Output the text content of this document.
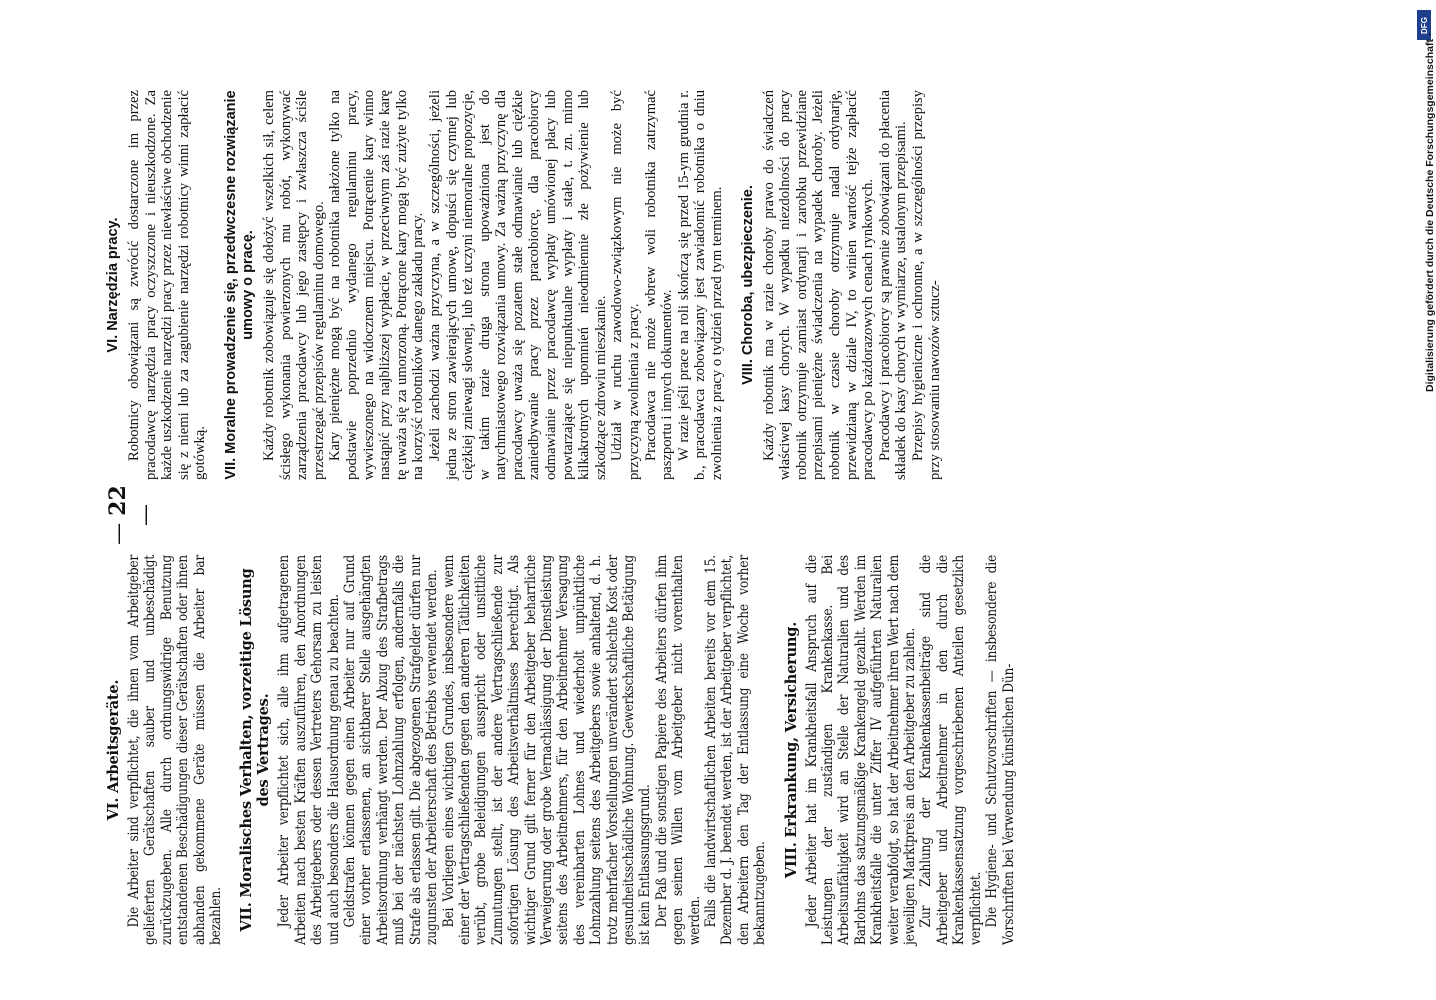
VI. Arbeitsgeräte. Die Arbeiter sind verpflichtet, die ihnen vom Arbeitgeber gelieferten Gerätschaften sauber und unbeschädigt zurückzugeben. Alle durch ordnungswidrige Benutzung entstandenen Beschädigungen dieser Gerätschaften oder ihnen abhanden gekommene Geräte müssen die Arbeiter bar bezahlen. VII. Moralisches Verhalten, vorzeitige Lösung des Vertrages. Jeder Arbeiter verpflichtet sich, alle ihm aufgetragenen Arbeiten nach besten Kräften auszuführen, den Anordnungen des Arbeitgebers oder dessen Vertreters Gehorsam zu leisten und auch besonders die Hausordnung genau zu beachten. Geldstrafen können gegen einen Arbeiter nur auf Grund einer vorher erlassenen, an sichtbarer Stelle ausgehängten Arbeitsordnung verhängt werden. Der Abzug des Strafbetrags muß bei der nächsten Lohnzahlung erfolgen, andernfalls die Strafe als erlassen gilt. Die abgezogenen Strafgelder dürfen nur zugunsten der Arbeiterschaft des Betriebs verwendet werden. Bei Vorliegen eines wichtigen Grundes, insbesondere wenn einer der Vertragschließenden gegen den anderen Tätlichkeiten verübt, grobe Beleidigungen ausspricht oder unsittliche Zumutungen stellt, ist der andere Vertragschließende zur sofortigen Lösung des Arbeitsverhältnisses berechtigt. Als wichtiger Grund gilt ferner für den Arbeitgeber beharrliche Verweigerung oder grobe Vernachlässigung der Dienstleistung seitens des Arbeitnehmers, für den Arbeitnehmer Versagung des vereinbarten Lohnes und wiederholt unpünktliche Lohnzahlung seitens des Arbeitgebers sowie anhaltend, d. h. trotz mehrfacher Vorstellungen unverändert schlechte Kost oder gesundheitsschädliche Wohnung. Gewerkschaftliche Betätigung ist kein Entlassungsgrund. Der Paß und die sonstigen Papiere des Arbeiters dürfen ihm gegen seinen Willen vom Arbeitgeber nicht vorenthalten werden. Falls die landwirtschaftlichen Arbeiten bereits vor dem 15. Dezember d. J. beendet werden, ist der Arbeitgeber verpflichtet, den Arbeitern den Tag der Entlassung eine Woche vorher bekanntzugeben.

VIII. Erkrankung, Versicherung. Jeder Arbeiter hat im Krankheitsfall Anspruch auf die Leistungen der zuständigen Krankenkasse. Bei Arbeitsunfähigkeit wird an Stelle der Naturalien und des Barlohns das satzungsmäßige Krankengeld gezahlt. Werden im Krankheitsfalle die unter Ziffer IV aufgeführten Naturalien weiter verabfolgt, so hat der Arbeitnehmer ihren Wert nach dem jeweiligen Marktpreis an den Arbeitgeber zu zahlen. Zur Zahlung der Krankenkassenbeiträge sind die Arbeitgeber und Arbeitnehmer in den durch die Krankenkassensatzung vorgeschriebenen Anteilen gesetzlich verpflichtet. Die Hygiene- und Schutzvorschriften — insbesondere die Vorschriften bei Verwendung künstlichen Dün-

— 22 —
VI. Narzędzia pracy. Robotnicy obowiązani są zwrócić dostarczone im przez pracodawcę narzędzia pracy oczyszczone i nieuszkodzone. Za każde uszkodzenie narzędzi pracy przez niewłaściwe obchodzenie się z niemi lub za zagubienie narzędzi robotnicy winni zapłacić gotówką. VII. Moralne prowadzenie się, przedwczesne rozwiązanie umowy o pracę. Każdy robotnik zobowiązuje się dołożyć wszelkich sił, celem ścisłego wykonania powierzonych mu robót, wykonywać zarządzenia pracodawcy lub jego zastępcy i zwłaszcza ściśle przestrzegać przepisów regulaminu domowego. Kary pieniężne mogą być na robotnika nałożone tylko na podstawie poprzednio wydanego regulaminu pracy, wywieszonego na widocznem miejscu. Potrącenie kary winno nastąpić przy najbliższej wypłacie, w przeciwnym zaś razie karę tę uważa się za umorzoną. Potrącone kary mogą być zużyte tylko na korzyść robotników danego zakładu pracy. Jeżeli zachodzi ważna przyczyna, a w szczególności, jeżeli jedna ze stron zawierających umowę, dopuści się czynnej lub ciężkiej zniewagi słownej, lub też uczyni niemoralne propozycje, w takim razie druga strona upoważniona jest do natychmiastowego rozwiązania umowy. Za ważną przyczynę dla pracodawcy uważa się pozatem stałe odmawianie lub ciężkie zaniedbywanie pracy przez pracobiorcę, dla pracobiorcy odmawianie przez pracodawcę wypłaty umówionej płacy lub powtarzające się niepunktualne wypłaty i stałe, t. zn. mimo kilkakrotnych upomnień nieodmiennie złe pożywienie lub szkodzące zdrowiu mieszkanie. Udział w ruchu zawodowo-związkowym nie może być przyczyną zwolnienia z pracy. Pracodawca nie może wbrew woli robotnika zatrzymać paszportu i innych dokumentów. W razie jeśli prace na roli skończą się przed 15-ym grudnia r. b., pracodawca zobowiązany jest zawiadomić robotnika o dniu zwolnienia z pracy o tydzień przed tym terminem. VIII. Choroba, ubezpieczenie. Każdy robotnik ma w razie choroby prawo do świadczeń właściwej kasy chorych. W wypadku niezdolności do pracy robotnik otrzymuje zamiast ordynarji i zarobku przewidziane przepisami pieniężne świadczenia na wypadek choroby. Jeżeli robotnik w czasie choroby otrzymuje nadal ordynarję, przewidzianą w dziale IV, to winien wartość tejże zapłacić pracodawcy po każdorazowych cenach rynkowych. Pracodawcy i pracobiorcy są prawnie zobowiązani do płacenia składek do kasy chorych w wymiarze, ustalonym przepisami. Przepisy hygieniczne i ochronne, a w szczególności przepisy przy stosowaniu nawozów sztucz-

DFG
Digitalisierung gefördert durch die Deutsche Forschungsgemeinschaft ·
